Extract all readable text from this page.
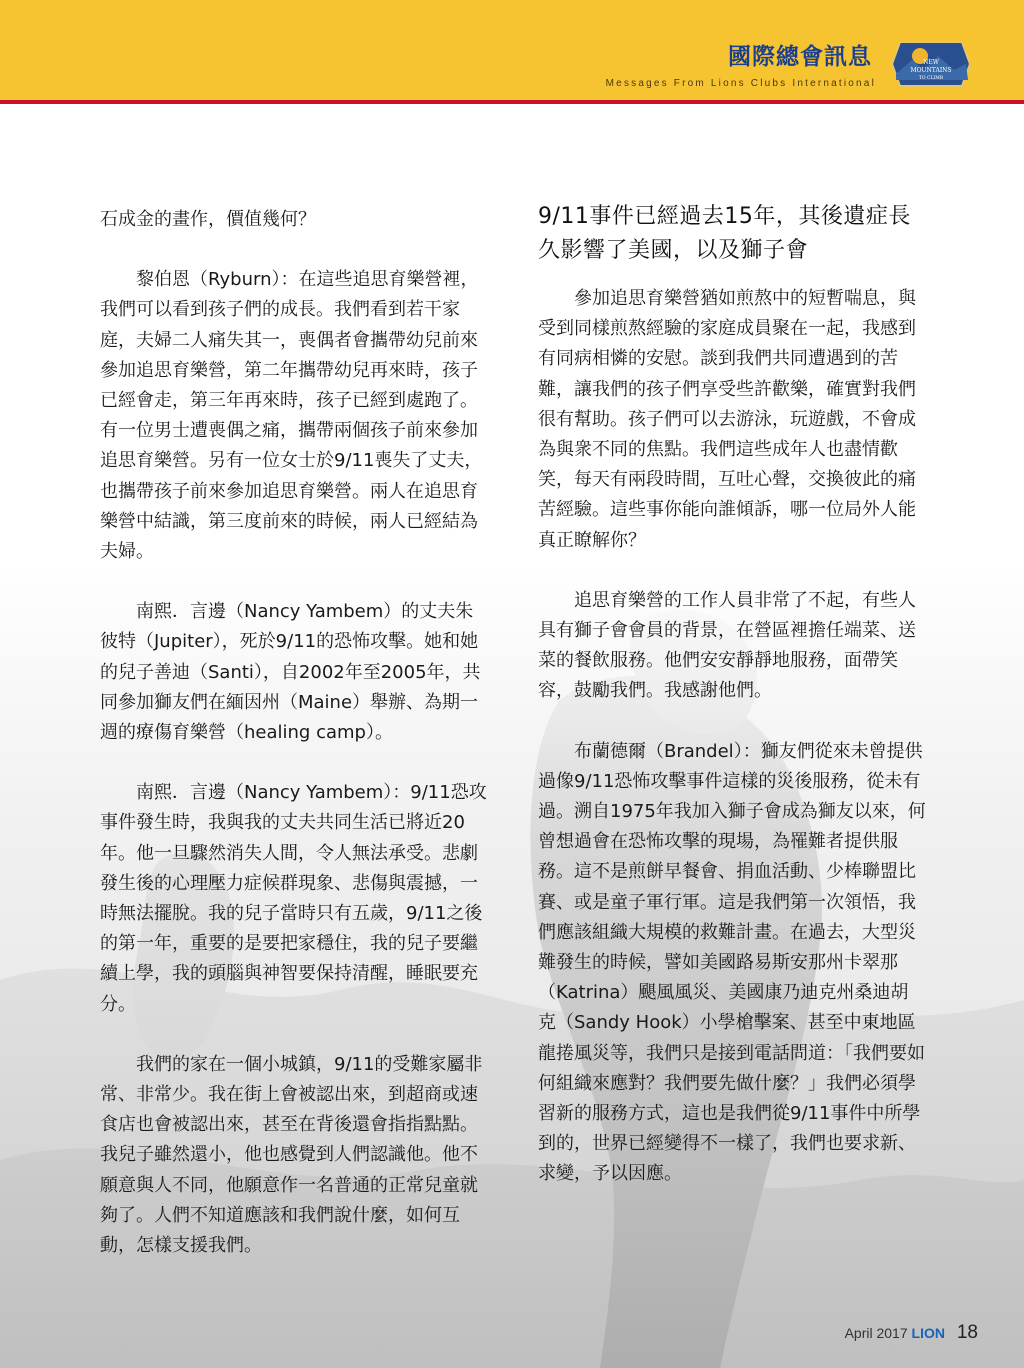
國際總會訊息
Messages From Lions Clubs International
NEW
MOUNTAINS
TO CLIMB

石成金的畫作，價值幾何？

黎伯恩（Ryburn）：在這些追思育樂營裡，我們可以看到孩子們的成長。我們看到若干家庭，夫婦二人痛失其一，喪偶者會攜帶幼兒前來參加追思育樂營，第二年攜帶幼兒再來時，孩子已經會走，第三年再來時，孩子已經到處跑了。有一位男士遭喪偶之痛，攜帶兩個孩子前來參加追思育樂營。另有一位女士於9/11喪失了丈夫，也攜帶孩子前來參加追思育樂營。兩人在追思育樂營中結識，第三度前來的時候，兩人已經結為夫婦。

南熙．言邊（Nancy Yambem）的丈夫朱彼特（Jupiter），死於9/11的恐怖攻擊。她和她的兒子善迪（Santi），自2002年至2005年，共同參加獅友們在緬因州（Maine）舉辦、為期一週的療傷育樂營（healing camp）。

南熙．言邊（Nancy Yambem）：9/11恐攻事件發生時，我與我的丈夫共同生活已將近20年。他一旦驟然消失人間，令人無法承受。悲劇發生後的心理壓力症候群現象、悲傷與震撼，一時無法擺脫。我的兒子當時只有五歲，9/11之後的第一年，重要的是要把家穩住，我的兒子要繼續上學，我的頭腦與神智要保持清醒，睡眠要充分。

我們的家在一個小城鎮，9/11的受難家屬非常、非常少。我在街上會被認出來，到超商或速食店也會被認出來，甚至在背後還會指指點點。我兒子雖然還小，他也感覺到人們認識他。他不願意與人不同，他願意作一名普通的正常兒童就夠了。人們不知道應該和我們說什麼，如何互動，怎樣支援我們。

9/11事件已經過去15年，其後遺症長久影響了美國，以及獅子會

參加追思育樂營猶如煎熬中的短暫喘息，與受到同樣煎熬經驗的家庭成員聚在一起，我感到有同病相憐的安慰。談到我們共同遭遇到的苦難，讓我們的孩子們享受些許歡樂，確實對我們很有幫助。孩子們可以去游泳，玩遊戲，不會成為與衆不同的焦點。我們這些成年人也盡情歡笑，每天有兩段時間，互吐心聲，交換彼此的痛苦經驗。這些事你能向誰傾訴，哪一位局外人能真正瞭解你？

追思育樂營的工作人員非常了不起，有些人具有獅子會會員的背景，在營區裡擔任端菜、送菜的餐飲服務。他們安安靜靜地服務，面帶笑容，鼓勵我們。我感謝他們。

布蘭德爾（Brandel）：獅友們從來未曾提供過像9/11恐怖攻擊事件這樣的災後服務，從未有過。溯自1975年我加入獅子會成為獅友以來，何曾想過會在恐怖攻擊的現場，為罹難者提供服務。這不是煎餅早餐會、捐血活動、少棒聯盟比賽、或是童子軍行軍。這是我們第一次領悟，我們應該組織大規模的救難計畫。在過去，大型災難發生的時候，譬如美國路易斯安那州卡翠那（Katrina）颶風風災、美國康乃迪克州桑迪胡克（Sandy Hook）小學槍擊案、甚至中東地區龍捲風災等，我們只是接到電話問道：「我們要如何組織來應對？我們要先做什麼？」我們必須學習新的服務方式，這也是我們從9/11事件中所學到的，世界已經變得不一樣了，我們也要求新、求變，予以因應。

April 2017 LION 18
